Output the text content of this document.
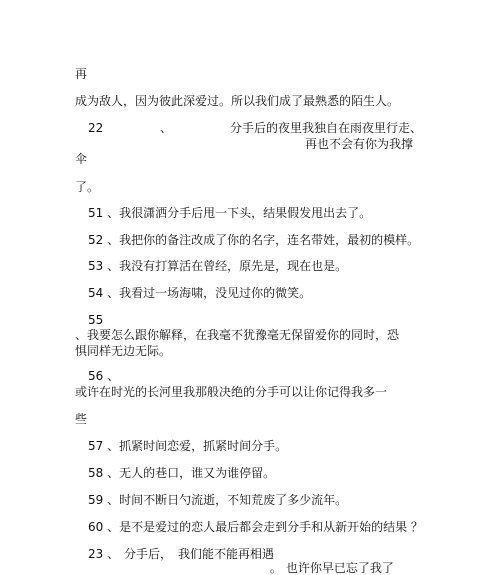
再
成为敌人，因为彼此深爱过。所以我们成了最熟悉的陌生人。
22	、	分手后的夜里我独自在雨夜里行走、
再也不会有你为我撑
伞
了。
51 、我很潇洒分手后甩一下头，结果假发甩出去了。
52 、我把你的备注改成了你的名字，连名带姓，最初的模样。
53 、我没有打算活在曾经，原先是，现在也是。
54 、我看过一场海啸，没见过你的微笑。
55
、我要怎么跟你解释，在我毫不犹豫毫无保留爱你的同时，恐
惧同样无边无际。
56 、
或许在时光的长河里我那般决绝的分手可以让你记得我多一
些
57 、抓紧时间恋爱，抓紧时间分手。
58 、无人的巷口，谁又为谁停留。
59 、时间不断日勺流逝，不知荒废了多少流年。
60 、是不是爱过的恋人最后都会走到分手和从新开始的结果 ？
23 、 分手后， 我们能不能再相遇
。 也许你早已忘了我了
